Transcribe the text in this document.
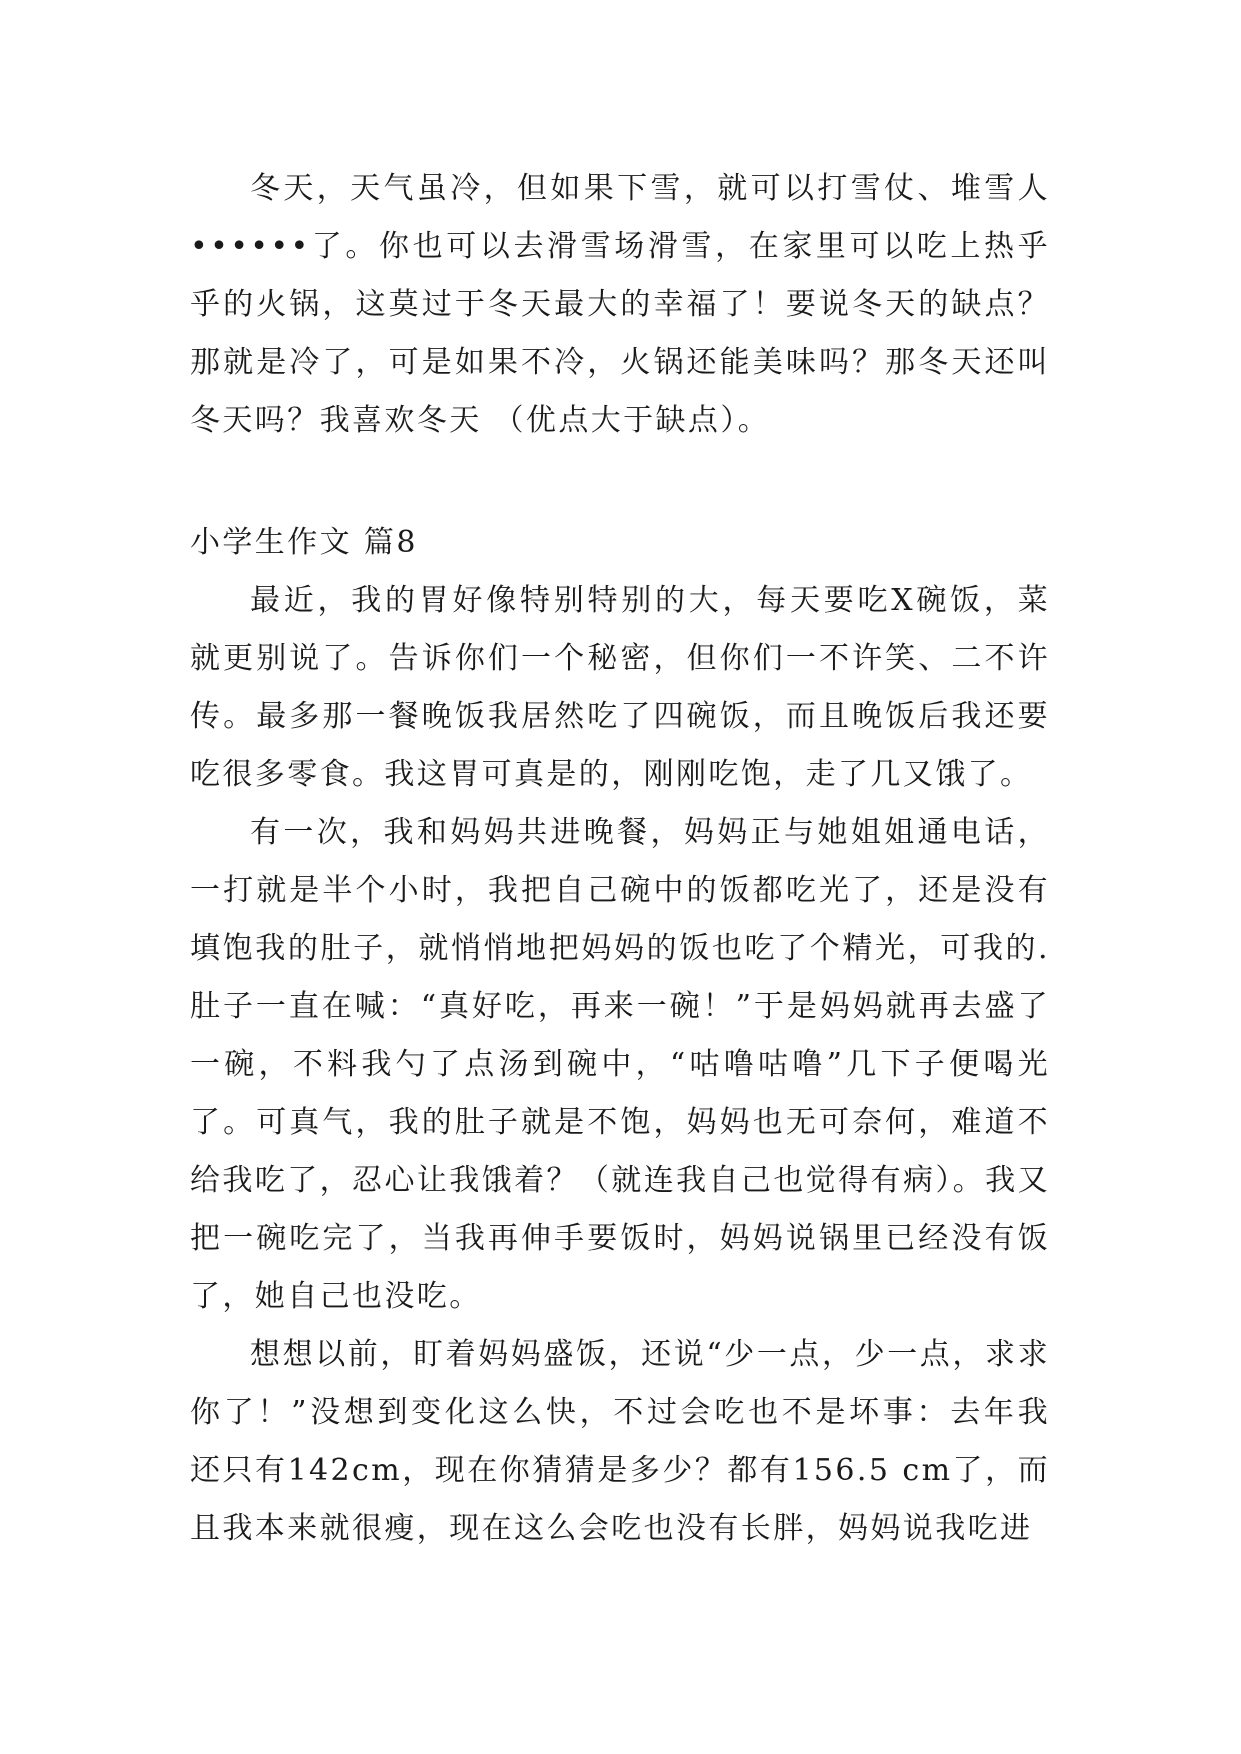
冬天，天气虽冷，但如果下雪，就可以打雪仗、堆雪人••••••了。你也可以去滑雪场滑雪，在家里可以吃上热乎乎的火锅，这莫过于冬天最大的幸福了！要说冬天的缺点？那就是冷了，可是如果不冷，火锅还能美味吗？那冬天还叫冬天吗？我喜欢冬天 （优点大于缺点）。

小学生作文 篇8

最近，我的胃好像特别特别的大，每天要吃X碗饭，菜就更别说了。告诉你们一个秘密，但你们一不许笑、二不许传。最多那一餐晚饭我居然吃了四碗饭，而且晚饭后我还要吃很多零食。我这胃可真是的，刚刚吃饱，走了几又饿了。

有一次，我和妈妈共进晚餐，妈妈正与她姐姐通电话，一打就是半个小时，我把自己碗中的饭都吃光了，还是没有填饱我的肚子，就悄悄地把妈妈的饭也吃了个精光，可我的.肚子一直在喊：“真好吃，再来一碗！”于是妈妈就再去盛了一碗，不料我勺了点汤到碗中，“咕噜咕噜”几下子便喝光了。可真气，我的肚子就是不饱，妈妈也无可奈何，难道不给我吃了，忍心让我饿着？（就连我自己也觉得有病）。我又把一碗吃完了，当我再伸手要饭时，妈妈说锅里已经没有饭了，她自己也没吃。

想想以前，盯着妈妈盛饭，还说“少一点，少一点，求求你了！”没想到变化这么快，不过会吃也不是坏事：去年我还只有142cm，现在你猜猜是多少？都有156.5 cm了，而且我本来就很瘦，现在这么会吃也没有长胖，妈妈说我吃进
